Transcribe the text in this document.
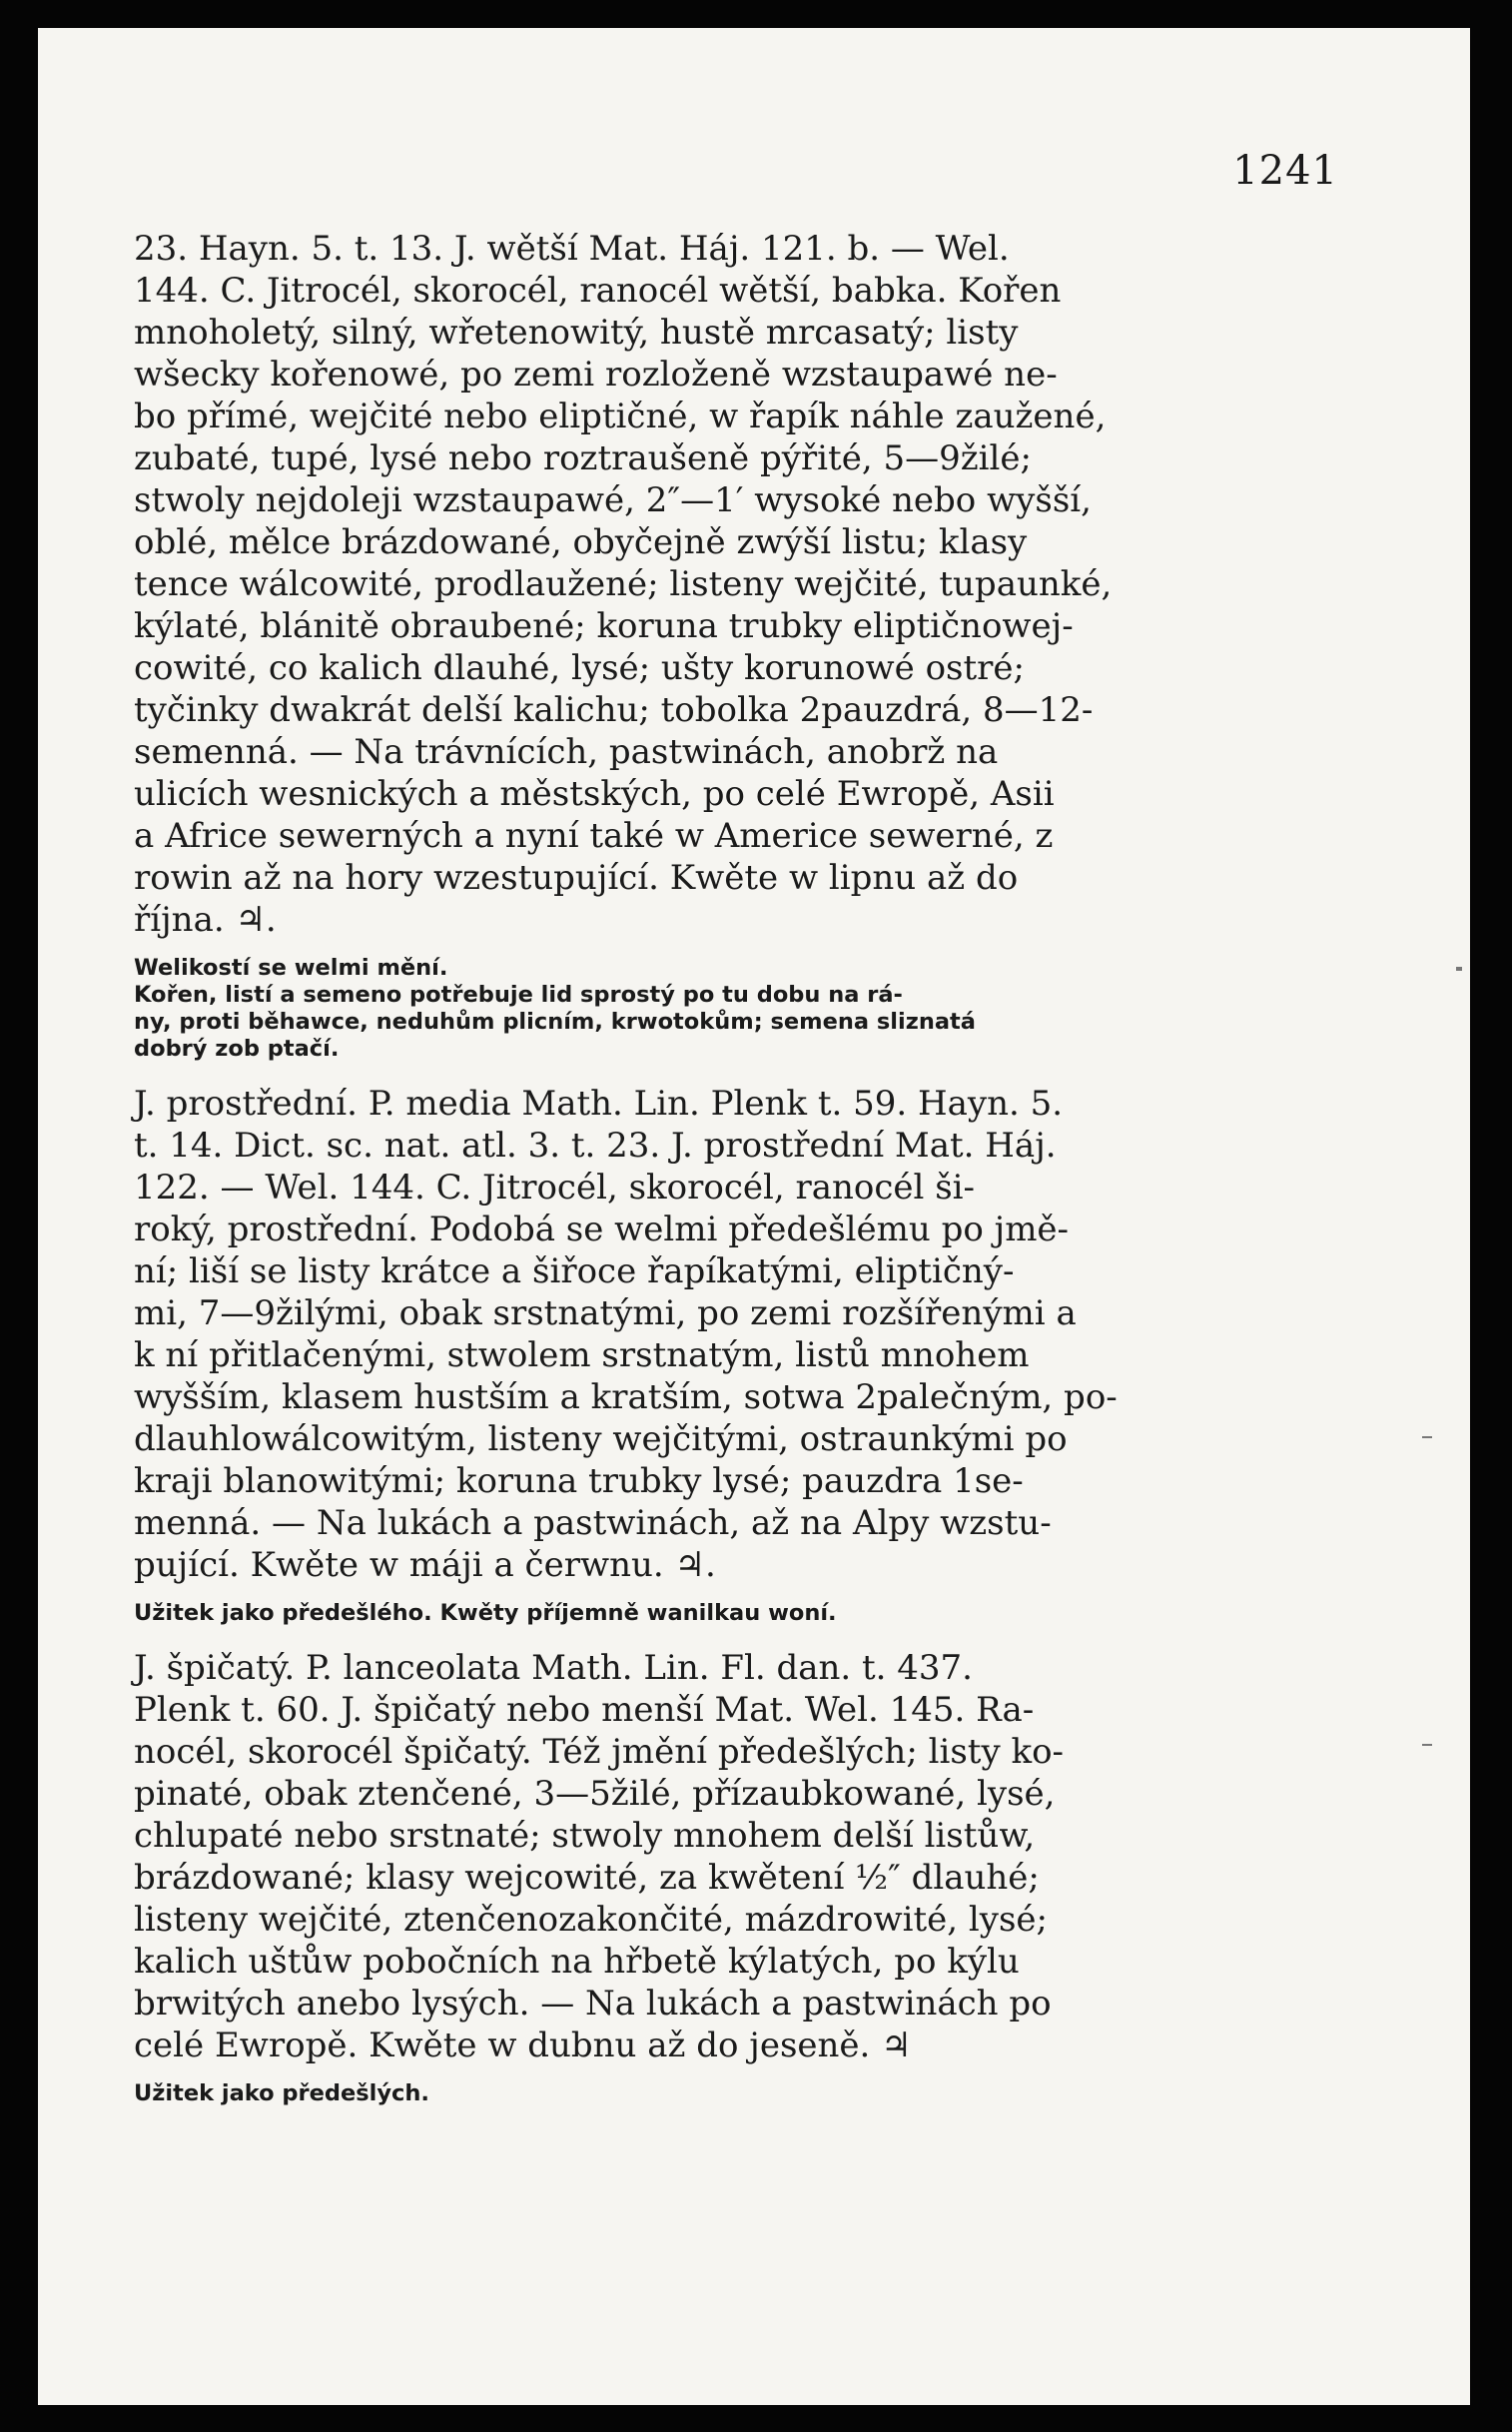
1241
23. Hayn. 5. t. 13. J. wětší Mat. Háj. 121. b. — Wel.
144. C. Jitrocél, skorocél, ranocél wětší, babka. Kořen
mnoholetý, silný, wřetenowitý, hustě mrcasatý; listy
wšecky kořenowé, po zemi rozloženě wzstaupawé ne-
bo přímé, wejčité nebo eliptičné, w řapík náhle zaužené,
zubaté, tupé, lysé nebo roztraušeně pýřité, 5—9žilé;
stwoly nejdoleji wzstaupawé, 2″—1′ wysoké nebo wyšší,
oblé, mělce brázdowané, obyčejně zwýší listu; klasy
tence wálcowité, prodlaužené; listeny wejčité, tupaunké,
kýlaté, blánitě obraubené; koruna trubky eliptičnowej-
cowité, co kalich dlauhé, lysé; ušty korunowé ostré;
tyčinky dwakrát delší kalichu; tobolka 2pauzdrá, 8—12-
semenná. — Na trávnících, pastwinách, anobrž na
ulicích wesnických a městských, po celé Ewropě, Asii
a Africe sewerných a nyní také w Americe sewerné, z
rowin až na hory wzestupující. Kwěte w lipnu až do
října. ♃.
Welikostí se welmi mění.
Kořen, listí a semeno potřebuje lid sprostý po tu dobu na rá-
ny, proti běhawce, neduhům plicním, krwotokům; semena sliznatá
dobrý zob ptačí.
J. prostřední. P. media Math. Lin. Plenk t. 59. Hayn. 5.
t. 14. Dict. sc. nat. atl. 3. t. 23. J. prostřední Mat. Háj.
122. — Wel. 144. C. Jitrocél, skorocél, ranocél ši-
roký, prostřední. Podobá se welmi předešlému po jmě-
ní; liší se listy krátce a šiřoce řapíkatými, eliptičný-
mi, 7—9žilými, obak srstnatými, po zemi rozšířenými a
k ní přitlačenými, stwolem srstnatým, listů mnohem
wyšším, klasem hustším a kratším, sotwa 2palečným, po-
dlauhlowálcowitým, listeny wejčitými, ostraunkými po
kraji blanowitými; koruna trubky lysé; pauzdra 1se-
menná. — Na lukách a pastwinách, až na Alpy wzstu-
pující. Kwěte w máji a čerwnu. ♃.
Užitek jako předešlého. Kwěty příjemně wanilkau woní.
J. špičatý. P. lanceolata Math. Lin. Fl. dan. t. 437.
Plenk t. 60. J. špičatý nebo menší Mat. Wel. 145. Ra-
nocél, skorocél špičatý. Též jmění předešlých; listy ko-
pinaté, obak ztenčené, 3—5žilé, přízaubkowané, lysé,
chlupaté nebo srstnaté; stwoly mnohem delší listůw,
brázdowané; klasy wejcowité, za kwětení ½″ dlauhé;
listeny wejčité, ztenčenozakončité, mázdrowité, lysé;
kalich uštůw pobočních na hřbetě kýlatých, po kýlu
brwitých anebo lysých. — Na lukách a pastwinách po
celé Ewropě. Kwěte w dubnu až do jeseně. ♃
Užitek jako předešlých.
